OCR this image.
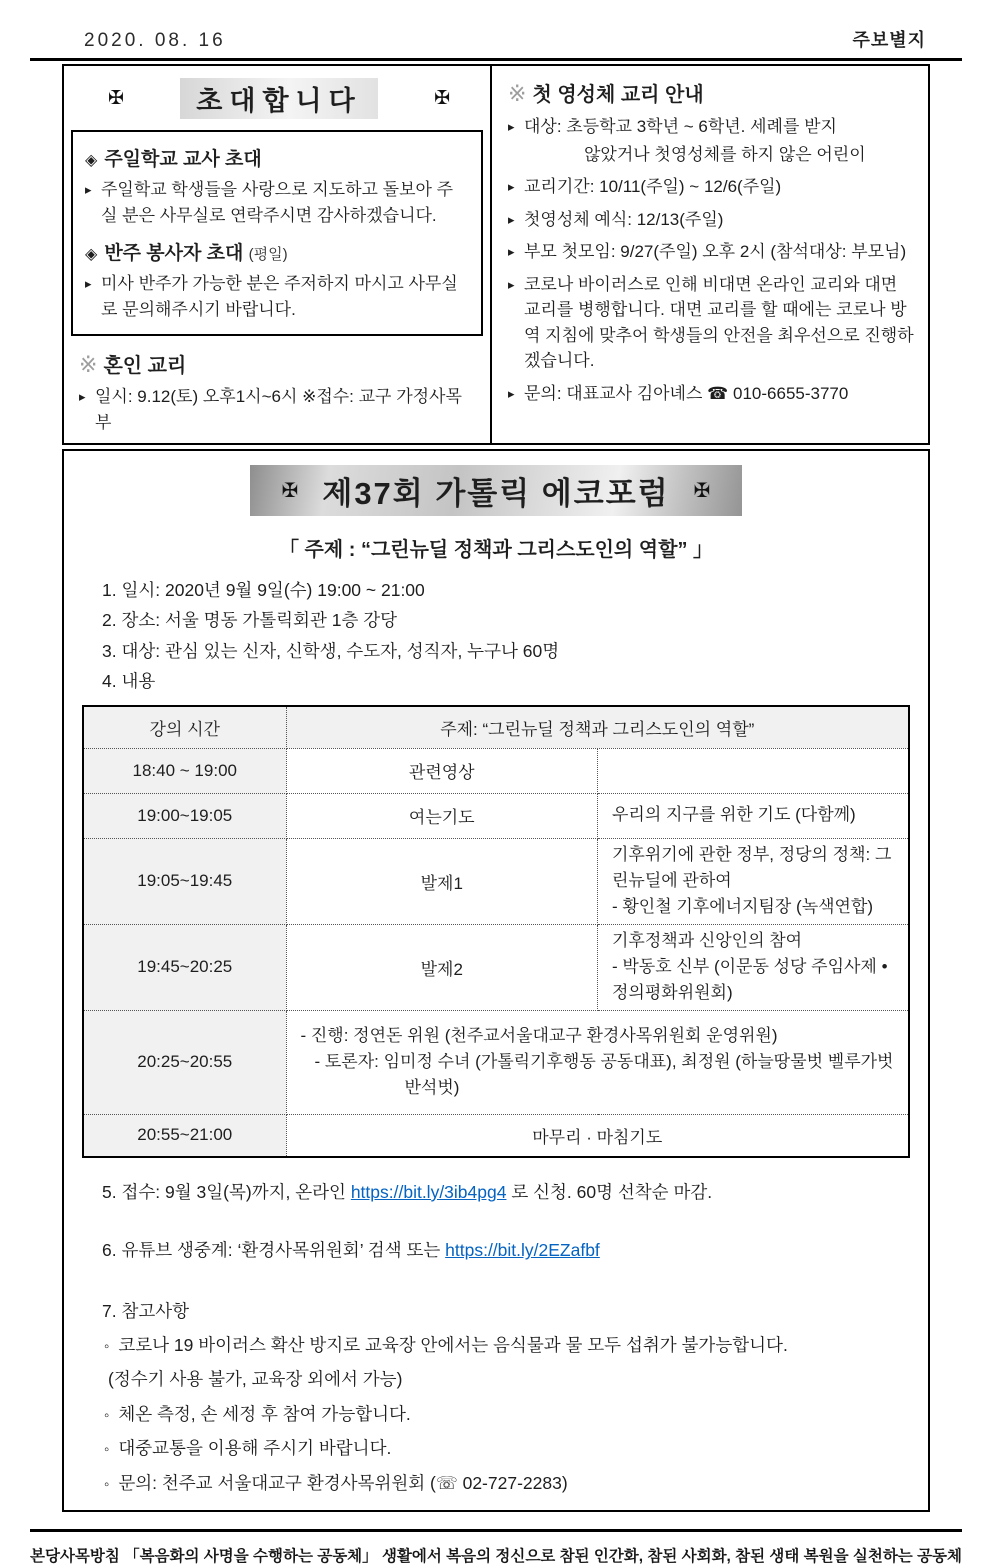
2020. 08. 16	주보별지
✠	초대합니다	✠
◈ 주일학교 교사 초대
▸ 주일학교 학생들을 사랑으로 지도하고 돌보아 주실 분은 사무실로 연락주시면 감사하겠습니다.
◈ 반주 봉사자 초대 (평일)
▸ 미사 반주가 가능한 분은 주저하지 마시고 사무실로 문의해주시기 바랍니다.
※ 혼인 교리
▸ 일시: 9.12(토) 오후1시~6시 ※접수: 교구 가정사목부
※ 첫 영성체 교리 안내
▸ 대상: 초등학교 3학년 ~ 6학년. 세례를 받지
않았거나 첫영성체를 하지 않은 어린이
▸ 교리기간: 10/11(주일) ~ 12/6(주일)
▸ 첫영성체 예식: 12/13(주일)
▸ 부모 첫모임: 9/27(주일) 오후 2시 (참석대상: 부모님)
▸ 코로나 바이러스로 인해 비대면 온라인 교리와 대면 교리를 병행합니다. 대면 교리를 할 때에는 코로나 방역 지침에 맞추어 학생들의 안전을 최우선으로 진행하겠습니다.
▸ 문의: 대표교사 김아녜스 ☎ 010-6655-3770
✠ 제37회 가톨릭 에코포럼 ✠
「 주제 : “그린뉴딜 정책과 그리스도인의 역할” 」
1. 일시: 2020년 9월 9일(수) 19:00 ~ 21:00
2. 장소: 서울 명동 가톨릭회관 1층 강당
3. 대상: 관심 있는 신자, 신학생, 수도자, 성직자, 누구나 60명
4. 내용
강의 시간	주제: “그린뉴딜 정책과 그리스도인의 역할”	
18:40 ~ 19:00	관련영상	
19:00~19:05	여는기도	우리의 지구를 위한 기도 (다함께)
19:05~19:45	발제1	기후위기에 관한 정부, 정당의 정책: 그린뉴딜에 관하여
- 황인철 기후에너지팀장 (녹색연합)

19:45~20:25	발제2	기후정책과 신앙인의 참여
- 박동호 신부 (이문동 성당 주임사제 • 정의평화위원회)

20:25~20:55	- 진행: 정연돈 위원 (천주교서울대교구 환경사목위원회 운영위원)
- 토론자: 임미정 수녀 (가톨릭기후행동 공동대표), 최정원 (하늘땅물벗 벨루가벗 반석벗)	

20:55~21:00	마무리 · 마침기도	
5. 접수: 9월 3일(목)까지, 온라인 https://bit.ly/3ib4pg4 로 신청. 60명 선착순 마감.
6. 유튜브 생중계: ‘환경사목위원회’ 검색 또는 https://bit.ly/2EZafbf
7. 참고사항
◦ 코로나 19 바이러스 확산 방지로 교육장 안에서는 음식물과 물 모두 섭취가 불가능합니다.
(정수기 사용 불가, 교육장 외에서 가능)
◦ 체온 측정, 손 세정 후 참여 가능합니다.
◦ 대중교통을 이용해 주시기 바랍니다.
◦ 문의: 천주교 서울대교구 환경사목위원회 (☏ 02-727-2283)
본당사목방침 「복음화의 사명을 수행하는 공동체」 생활에서 복음의 정신으로 참된 인간화, 참된 사회화, 참된 생태 복원을 실천하는 공동체
